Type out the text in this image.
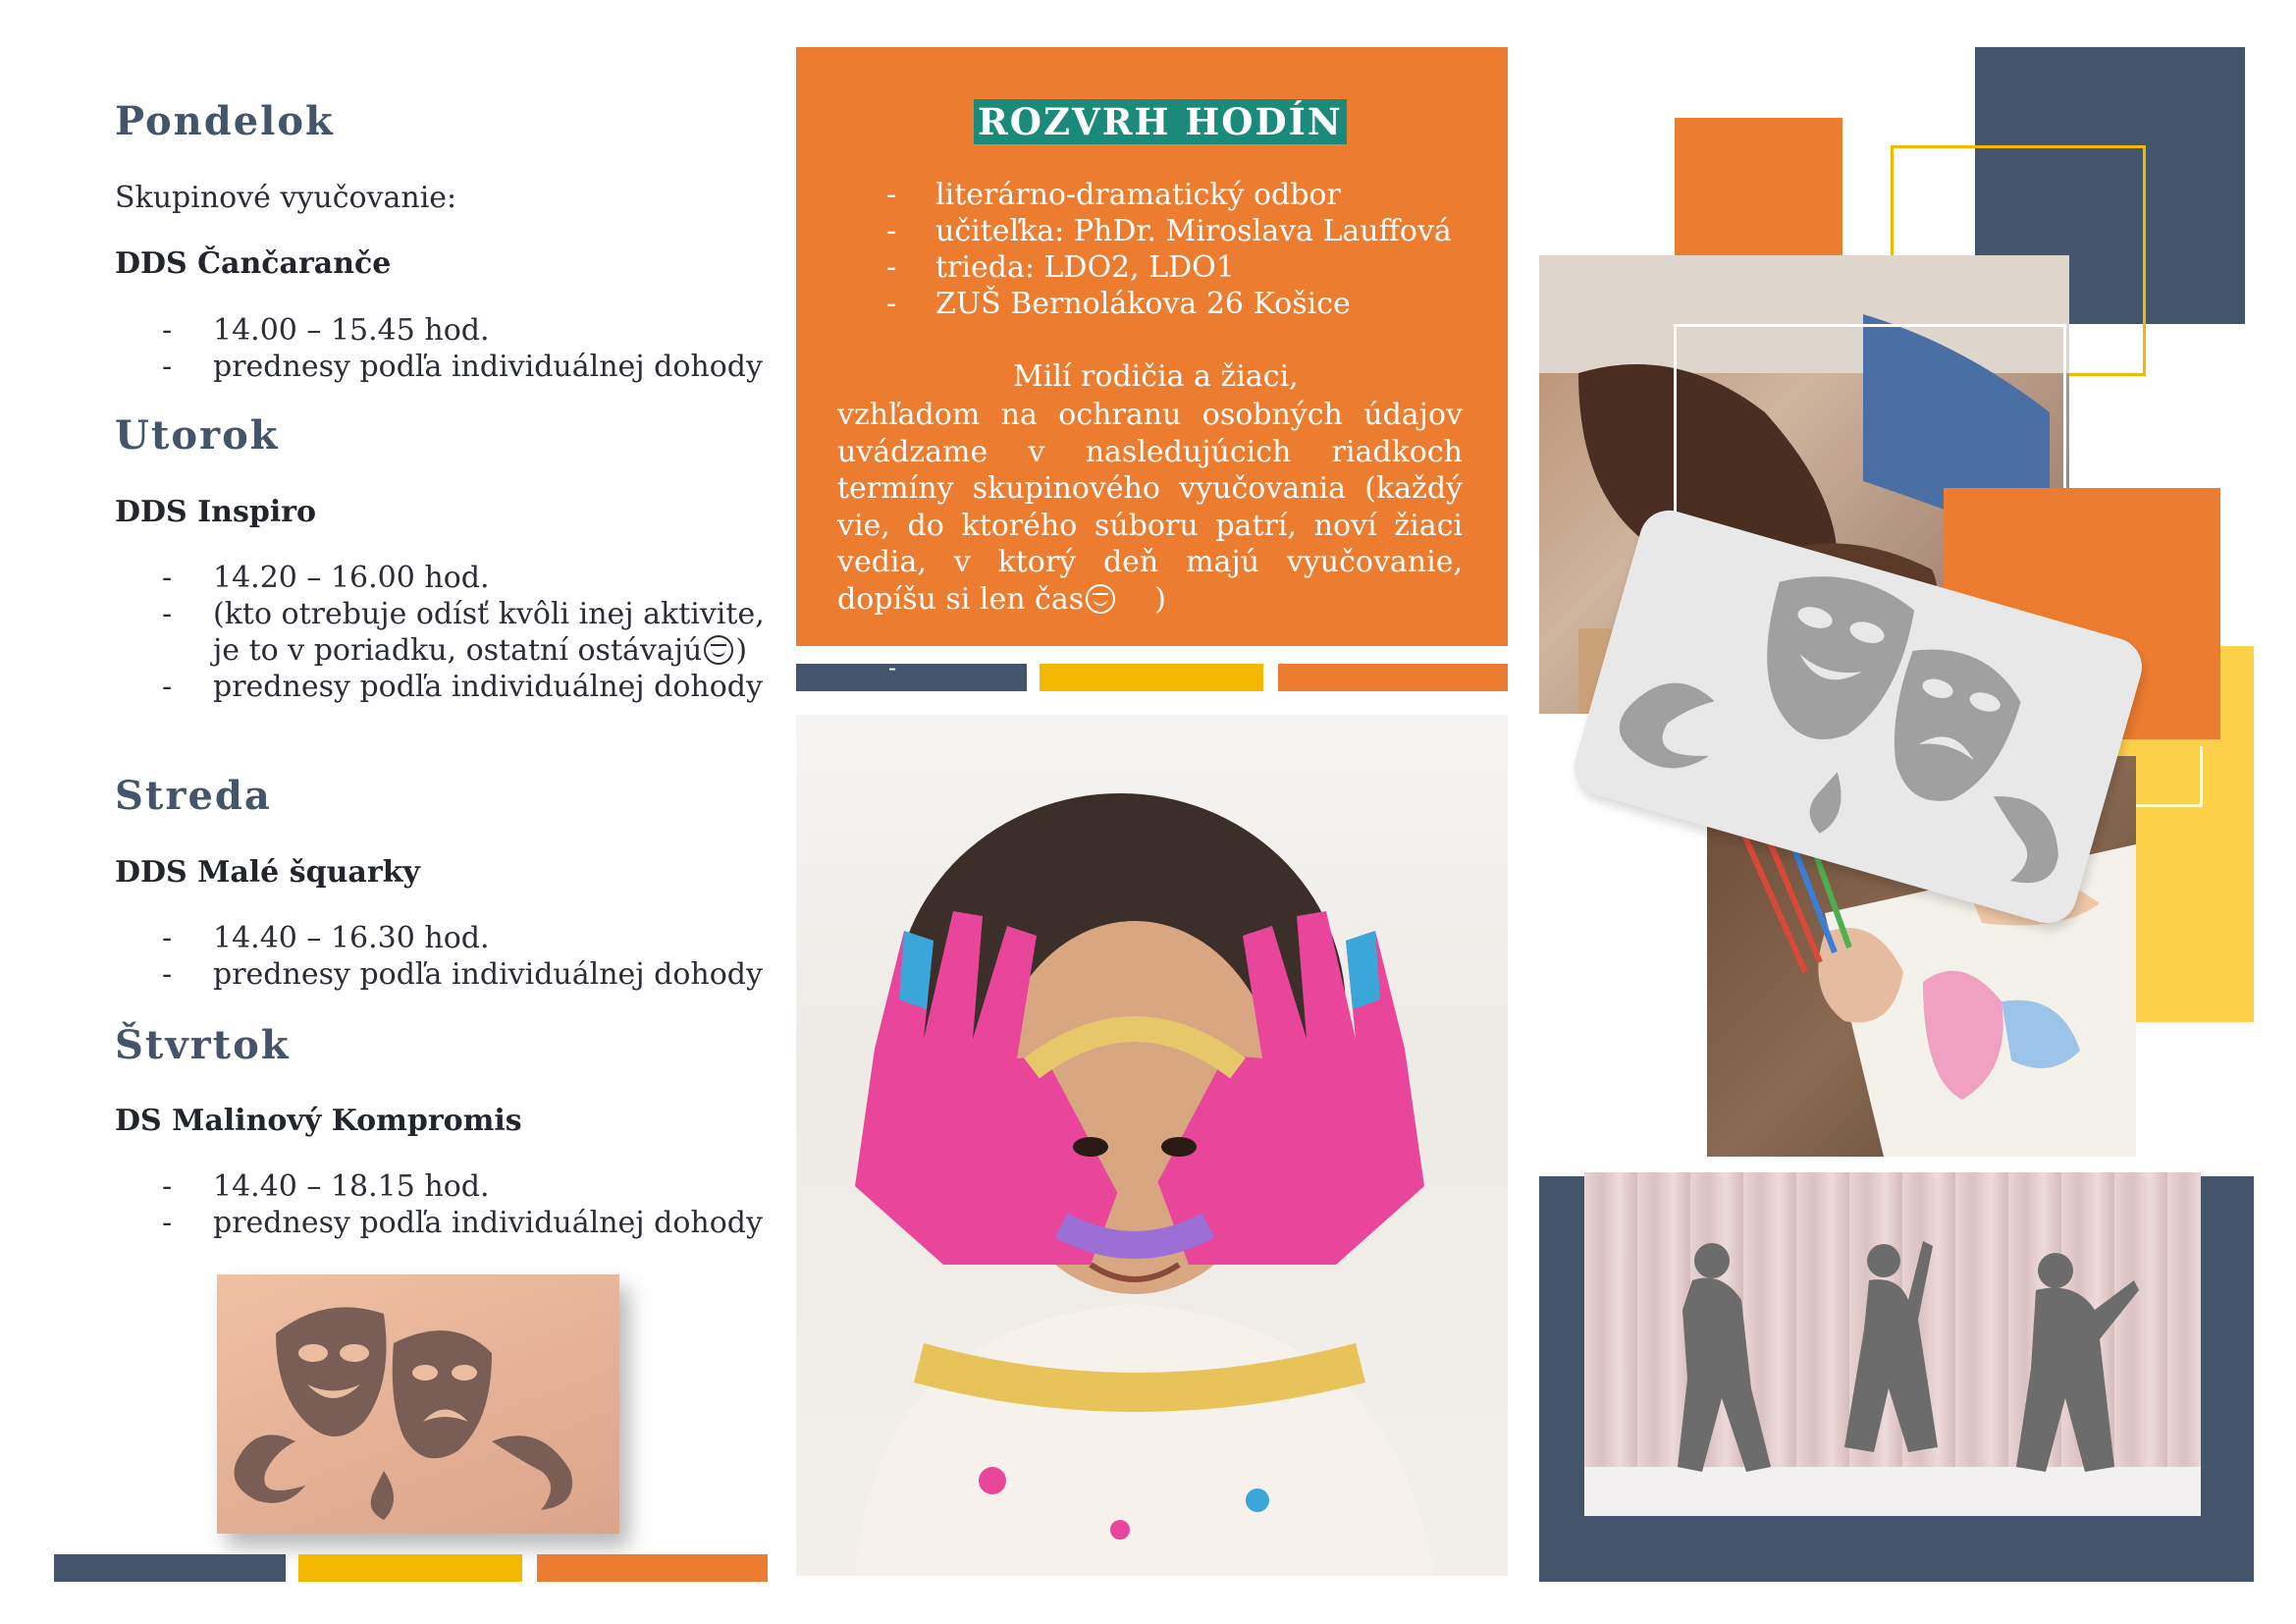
Pondelok
Skupinové vyučovanie:
DDS Čančaranče
- 14.00 – 15.45 hod.
- prednesy podľa individuálnej dohody
Utorok
DDS Inspiro
- 14.20 – 16.00 hod.
- (kto otrebuje odísť kvôli inej aktivite,
je to v poriadku, ostatní ostávajú )
- prednesy podľa individuálnej dohody
Streda
DDS Malé šquarky
- 14.40 – 16.30 hod.
- prednesy podľa individuálnej dohody
Štvrtok
DS Malinový Kompromis
- 14.40 – 18.15 hod.
- prednesy podľa individuálnej dohody
ROZVRH HODÍN
- literárno-dramatický odbor
- učiteľka: PhDr. Miroslava Lauffová
- trieda: LDO2, LDO1
- ZUŠ Bernolákova 26 Košice
Milí rodičia a žiaci,
vzhľadom na ochranu osobných údajov uvádzame v nasledujúcich riadkoch termíny skupinového vyučovania (každý vie, do ktorého súboru patrí, noví žiaci vedia, v ktorý deň majú vyučovanie, dopíšu si len čas )
-
